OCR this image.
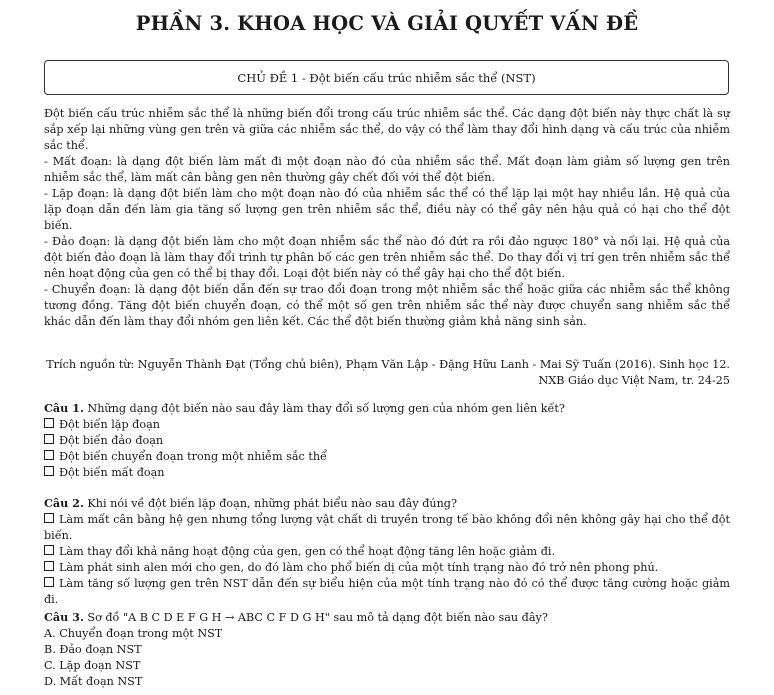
PHẦN 3. KHOA HỌC VÀ GIẢI QUYẾT VẤN ĐỀ
CHỦ ĐỀ 1 - Đột biến cấu trúc nhiễm sắc thể (NST)

Đột biến cấu trúc nhiễm sắc thể là những biến đổi trong cấu trúc nhiễm sắc thể. Các dạng đột biến này thực chất là sự sắp xếp lại những vùng gen trên và giữa các nhiễm sắc thể, do vậy có thể làm thay đổi hình dạng và cấu trúc của nhiễm sắc thể.

- Mất đoạn: là dạng đột biến làm mất đi một đoạn nào đó của nhiễm sắc thể. Mất đoạn làm giảm số lượng gen trên nhiễm sắc thể, làm mất cân bằng gen nên thường gây chết đối với thể đột biến.

- Lặp đoạn: là dạng đột biến làm cho một đoạn nào đó của nhiễm sắc thể có thể lặp lại một hay nhiều lần. Hệ quả của lặp đoạn dẫn đến làm gia tăng số lượng gen trên nhiễm sắc thể, điều này có thể gây nên hậu quả có hại cho thể đột biến.

- Đảo đoạn: là dạng đột biến làm cho một đoạn nhiễm sắc thể nào đó đứt ra rồi đảo ngược 180° và nối lại. Hệ quả của đột biến đảo đoạn là làm thay đổi trình tự phân bố các gen trên nhiễm sắc thể. Do thay đổi vị trí gen trên nhiễm sắc thể nên hoạt động của gen có thể bị thay đổi. Loại đột biến này có thể gây hại cho thể đột biến.

- Chuyển đoạn: là dạng đột biến dẫn đến sự trao đổi đoạn trong một nhiễm sắc thể hoặc giữa các nhiễm sắc thể không tương đồng. Tăng đột biến chuyển đoạn, có thể một số gen trên nhiễm sắc thể này được chuyển sang nhiễm sắc thể khác dẫn đến làm thay đổi nhóm gen liên kết. Các thể đột biến thường giảm khả năng sinh sản.

Trích nguồn từ: Nguyễn Thành Đạt (Tổng chủ biên), Phạm Văn Lập - Đặng Hữu Lanh - Mai Sỹ Tuấn (2016). Sinh học 12. NXB Giáo dục Việt Nam, tr. 24-25

Câu 1. Những dạng đột biến nào sau đây làm thay đổi số lượng gen của nhóm gen liên kết?

Đột biến lặp đoạn

Đột biến đảo đoạn

Đột biến chuyển đoạn trong một nhiễm sắc thể

Đột biến mất đoạn

Câu 2. Khi nói về đột biến lặp đoạn, những phát biểu nào sau đây đúng?

Làm mất cân bằng hệ gen nhưng tổng lượng vật chất di truyền trong tế bào không đổi nên không gây hại cho thể đột biến.

Làm thay đổi khả năng hoạt động của gen, gen có thể hoạt động tăng lên hoặc giảm đi.

Làm phát sinh alen mới cho gen, do đó làm cho phổ biến dị của một tính trạng nào đó trở nên phong phú.

Làm tăng số lượng gen trên NST dẫn đến sự biểu hiện của một tính trạng nào đó có thể được tăng cường hoặc giảm đi.

Câu 3. Sơ đồ "A B C D E F G H → ABC C F D G H" sau mô tả dạng đột biến nào sau đây?

A. Chuyển đoạn trong một NST

B. Đảo đoạn NST

C. Lặp đoạn NST

D. Mất đoạn NST
